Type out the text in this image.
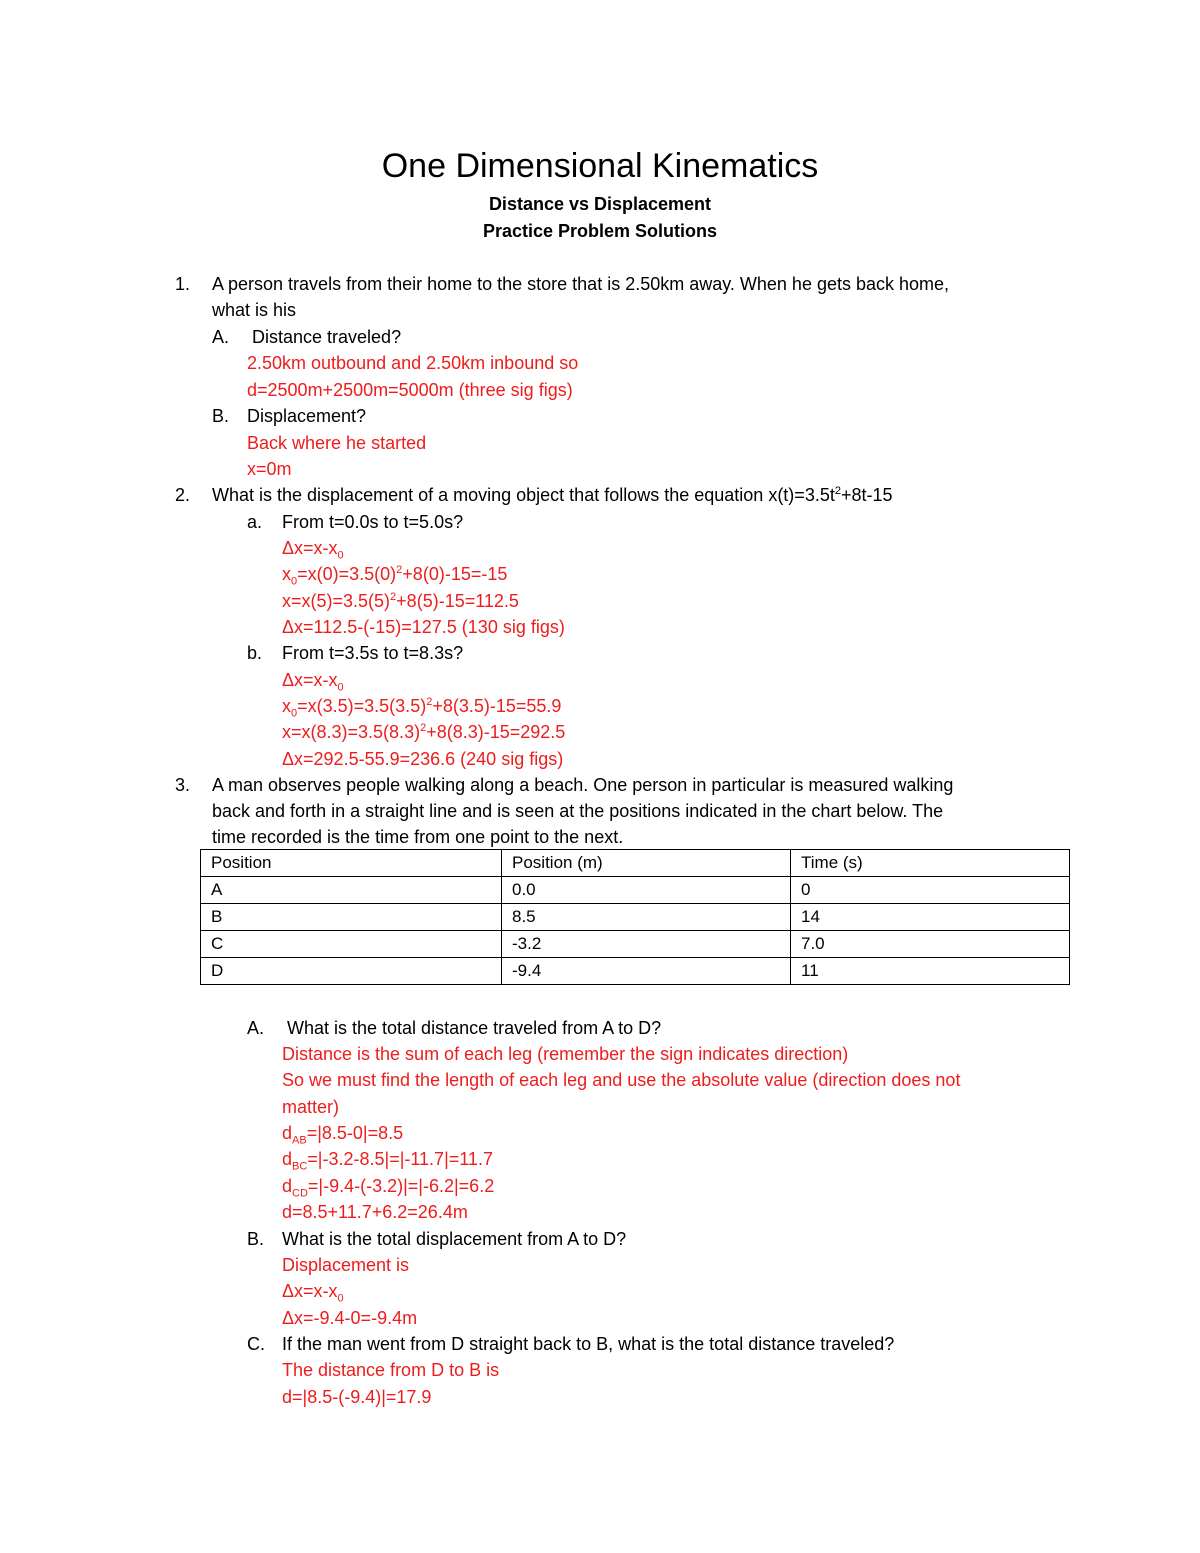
One Dimensional Kinematics
Distance vs Displacement
Practice Problem Solutions
1. A person travels from their home to the store that is 2.50km away. When he gets back home,
what is his
A. Distance traveled?
2.50km outbound and 2.50km inbound so
d=2500m+2500m=5000m (three sig figs)
B. Displacement?
Back where he started
x=0m
2. What is the displacement of a moving object that follows the equation $x(t)=3.5t^2+8t-15$
a. From t=0.0s to t=5.0s?
$\Delta x=x-x_0$
$x_0=x(0)=3.5(0)^2+8(0)-15=-15$
$x=x(5)=3.5(5)^2+8(5)-15=112.5$
Δx=112.5-(-15)=127.5 (130 sig figs)
b. From t=3.5s to t=8.3s?
$\Delta x=x-x_0$
$x_0=x(3.5)=3.5(3.5)^2+8(3.5)-15=55.9$
$x=x(8.3)=3.5(8.3)^2+8(8.3)-15=292.5$
Δx=292.5-55.9=236.6 (240 sig figs)
3. A man observes people walking along a beach. One person in particular is measured walking
back and forth in a straight line and is seen at the positions indicated in the chart below. The
time recorded is the time from one point to the next.
Position	Position (m)	Time (s)
A	0.0	0
B	8.5	14
C	-3.2	7.0
D	-9.4	11
A. What is the total distance traveled from A to D?
Distance is the sum of each leg (remember the sign indicates direction)
So we must find the length of each leg and use the absolute value (direction does not
matter)
$d_{AB}=|8.5-0|=8.5$
$d_{BC}=|-3.2-8.5|=|-11.7|=11.7$
$d_{CD}=|-9.4-(-3.2)|=|-6.2|=6.2$
d=8.5+11.7+6.2=26.4m
B. What is the total displacement from A to D?
Displacement is
$\Delta x=x-x_0$
Δx=-9.4-0=-9.4m
C. If the man went from D straight back to B, what is the total distance traveled?
The distance from D to B is
d=|8.5-(-9.4)|=17.9
